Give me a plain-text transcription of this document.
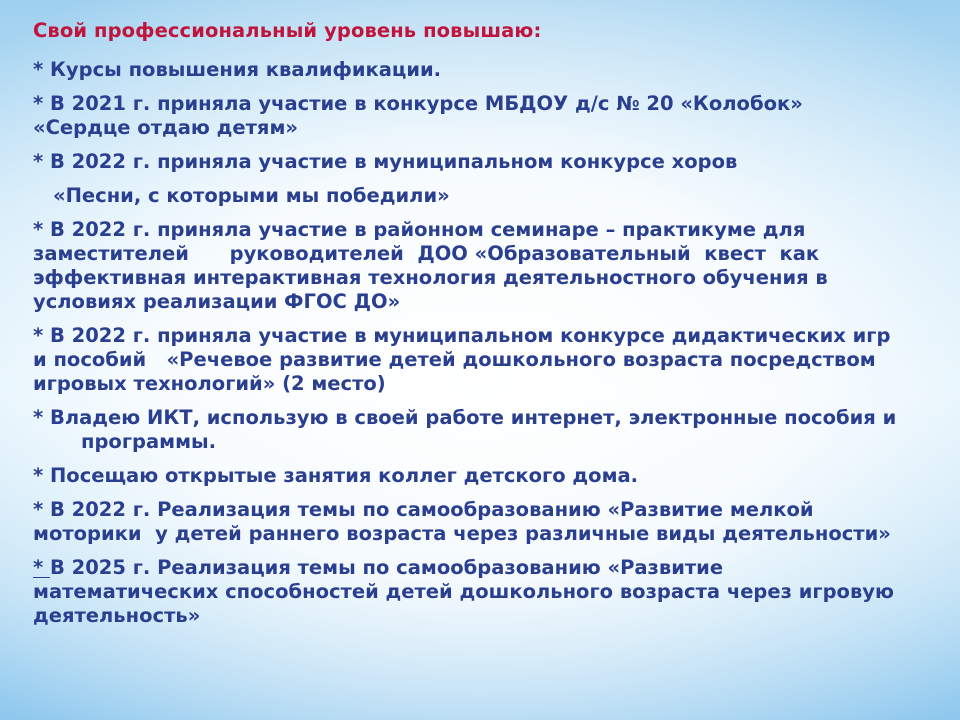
Свой профессиональный уровень повышаю:
* Курсы повышения квалификации.
* В 2021 г. приняла участие в конкурсе МБДОУ д/с № 20 «Колобок»
«Сердце отдаю детям»
* В 2022 г. приняла участие в муниципальном конкурсе хоров
«Песни, с которыми мы победили»
* В 2022 г. приняла участие в районном семинаре – практикуме для
заместителей      руководителей  ДОО «Образовательный  квест  как
эффективная интерактивная технология деятельностного обучения в
условиях реализации ФГОС ДО»
* В 2022 г. приняла участие в муниципальном конкурсе дидактических игр
и пособий   «Речевое развитие детей дошкольного возраста посредством
игровых технологий» (2 место)
* Владею ИКТ, использую в своей работе интернет, электронные пособия и
программы.
* Посещаю открытые занятия коллег детского дома.
* В 2022 г. Реализация темы по самообразованию «Развитие мелкой
моторики  у детей раннего возраста через различные виды деятельности»
* В 2025 г. Реализация темы по самообразованию «Развитие
математических способностей детей дошкольного возраста через игровую
деятельность»
